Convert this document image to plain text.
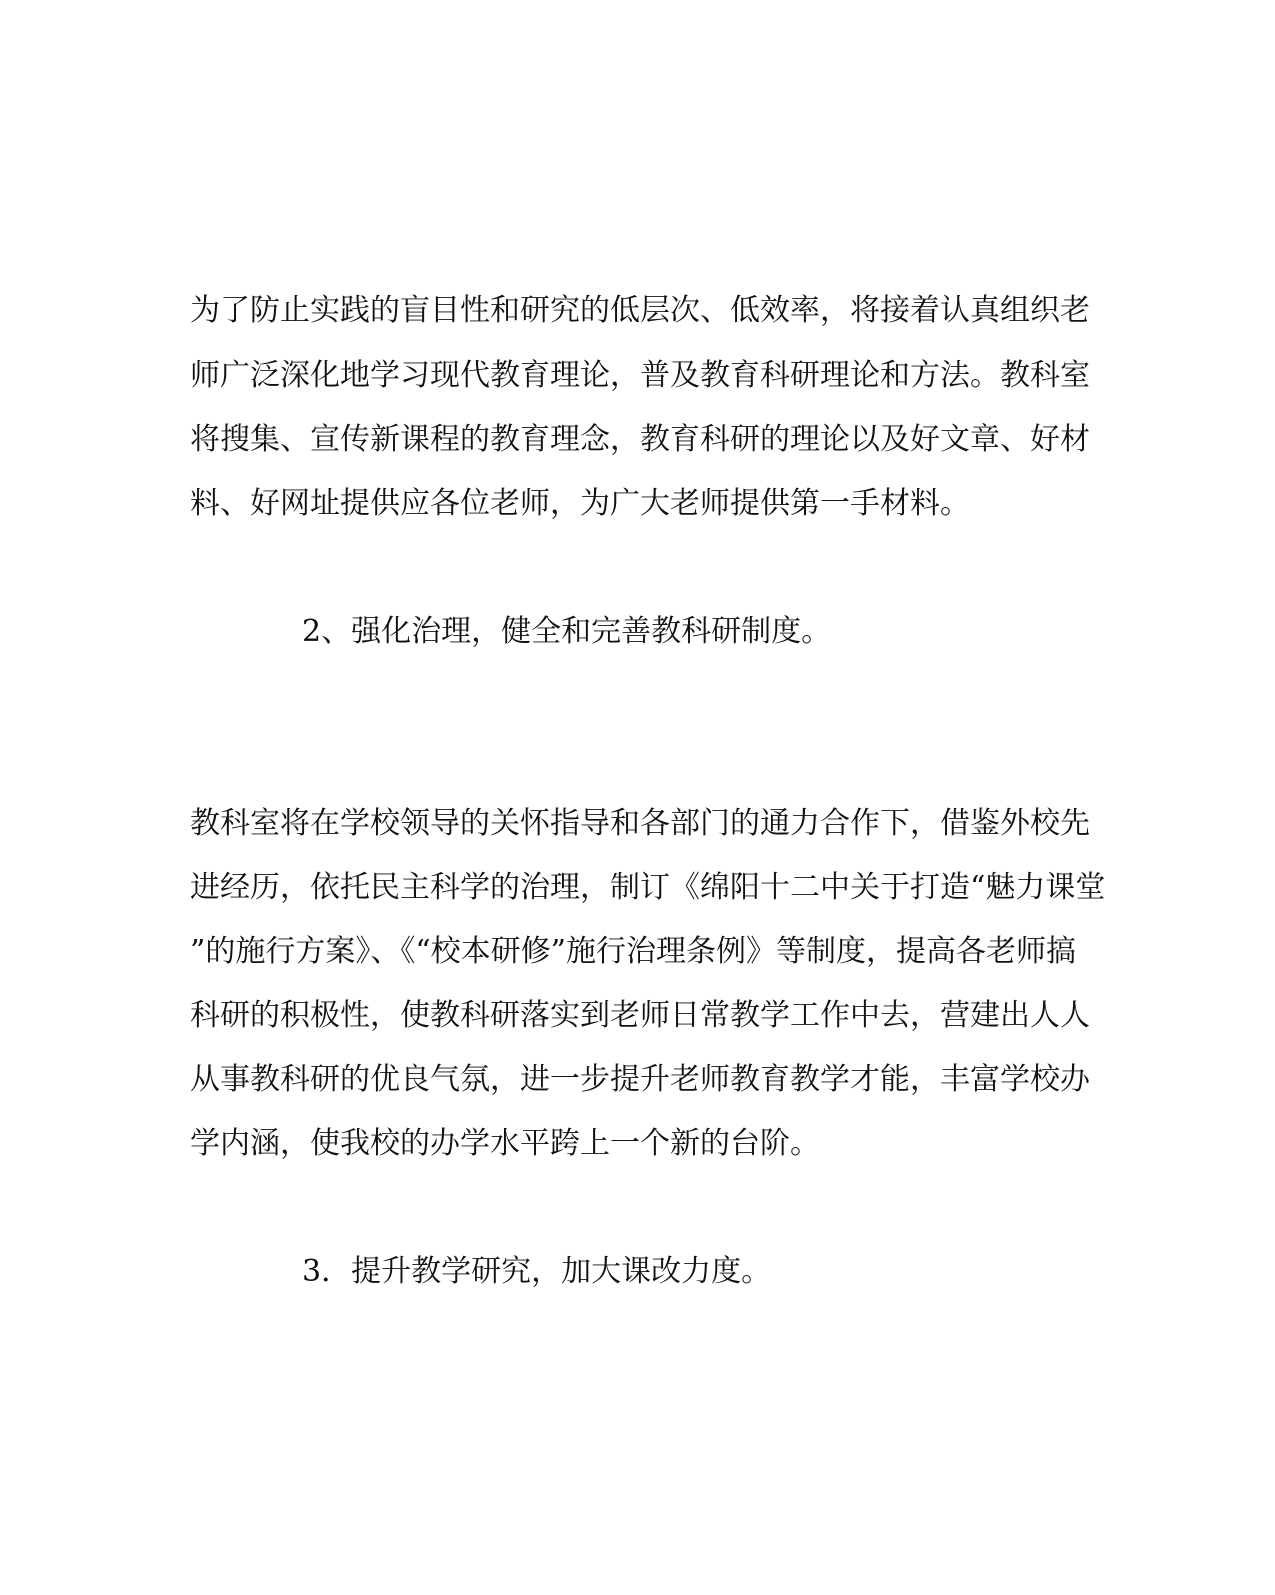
为了防止实践的盲目性和研究的低层次、低效率，将接着认真组织老
师广泛深化地学习现代教育理论，普及教育科研理论和方法。教科室
将搜集、宣传新课程的教育理念，教育科研的理论以及好文章、好材
料、好网址提供应各位老师，为广大老师提供第一手材料。
2、强化治理，健全和完善教科研制度。
教科室将在学校领导的关怀指导和各部门的通力合作下，借鉴外校先
进经历，依托民主科学的治理，制订《绵阳十二中关于打造“魅力课堂
”的施行方案》、《“校本研修”施行治理条例》等制度，提高各老师搞
科研的积极性，使教科研落实到老师日常教学工作中去，营建出人人
从事教科研的优良气氛，进一步提升老师教育教学才能，丰富学校办
学内涵，使我校的办学水平跨上一个新的台阶。
3．提升教学研究，加大课改力度。
